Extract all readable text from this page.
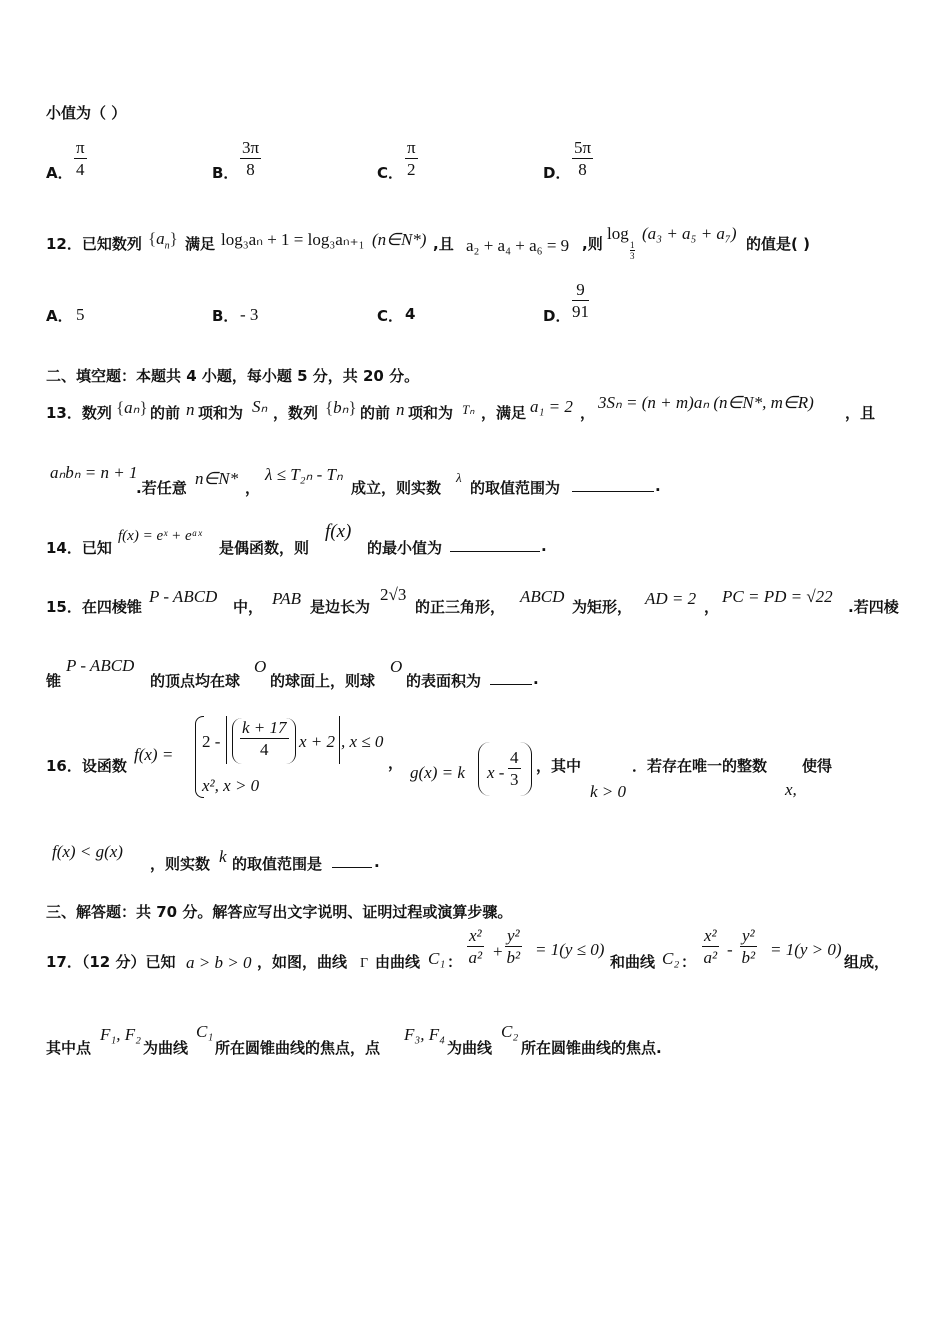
小值为（ ）
A． $\frac{\pi}{4}$	B． $\frac{3\pi}{8}$	C． $\frac{\pi}{2}$	D． $\frac{5\pi}{8}$
12．已知数列 $\{a_n\}$ 满足 log₃aₙ + 1 = log₃aₙ₊₁ (n∈N*) ,且 a₂ + a₄ + a₆ = 9 ,则
log
$\frac{1}{3}$
(a₃ + a₅ + a₇)
的值是( )
A． 5	B． - 3	C． 4	D． $\frac{9}{91}$
二、填空题：本题共 4 小题，每小题 5 分，共 20 分。
13．数列 {aₙ} 的前 n 项和为 Sₙ ，数列 {bₙ} 的前 n 项和为 Tₙ ，满足 a₁ = 2 ，
3Sₙ = (n + m)aₙ (n∈N*, m∈R)
，且
aₙbₙ = n + 1
.若任意 n∈N* ，
λ ≤ T₂ₙ - Tₙ
成立，则实数
λ
的取值范围为	.
14．已知
f(x) = eˣ + eᵃˣ
是偶函数，则
f(x)
的最小值为	.
15．在四棱锥
P - ABCD
中， PAB 是边长为
2√3
的正三角形，
ABCD
为矩形， AD = 2 ，
PC = PD = √22
.若四棱
锥
P - ABCD
的顶点均在球
O
的球面上，则球
O
的表面积为	.
16．设函数
f(x) =
$2 - \frac{k + 17}{4}$ x + 2 , x ≤ 0
x², x > 0
， g(x) = k x - $\frac{4}{3}$ ，其中
k > 0
．若存在唯一的整数
x,
使得
f(x) < g(x)
，则实数 k 的取值范围是	.
三、解答题：共 70 分。解答应写出文字说明、证明过程或演算步骤。
17．（12 分）已知 a > b > 0 ，如图，曲线 Γ 由曲线 C₁ ： $\frac{\text{x²}}{\text{a²}} + \frac{\text{y²}}{\text{b²}} = 1(y \le 0)$
和曲线 C₂ ： $\frac{\text{x²}}{\text{a²}} - \frac{\text{y²}}{\text{b²}} = 1(y > 0)$
组成，
其中点
F₁, F₂
为曲线
C₁
所在圆锥曲线的焦点，点
F₃, F₄
为曲线
C₂
所在圆锥曲线的焦点.
